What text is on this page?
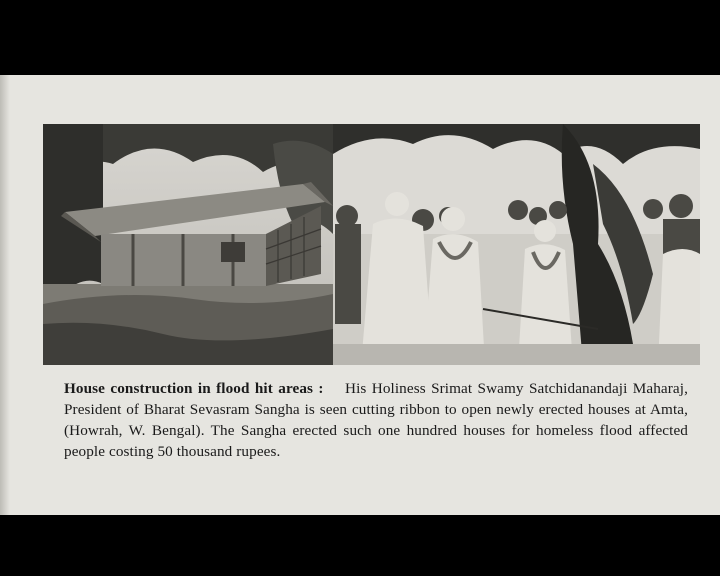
House construction in flood hit areas : His Holiness Srimat Swamy Satchidanandaji Maharaj, President of Bharat Sevasram Sangha is seen cutting ribbon to open newly erected houses at Amta, (Howrah, W. Bengal). The Sangha erected such one hundred houses for homeless flood affected people costing 50 thousand rupees.
